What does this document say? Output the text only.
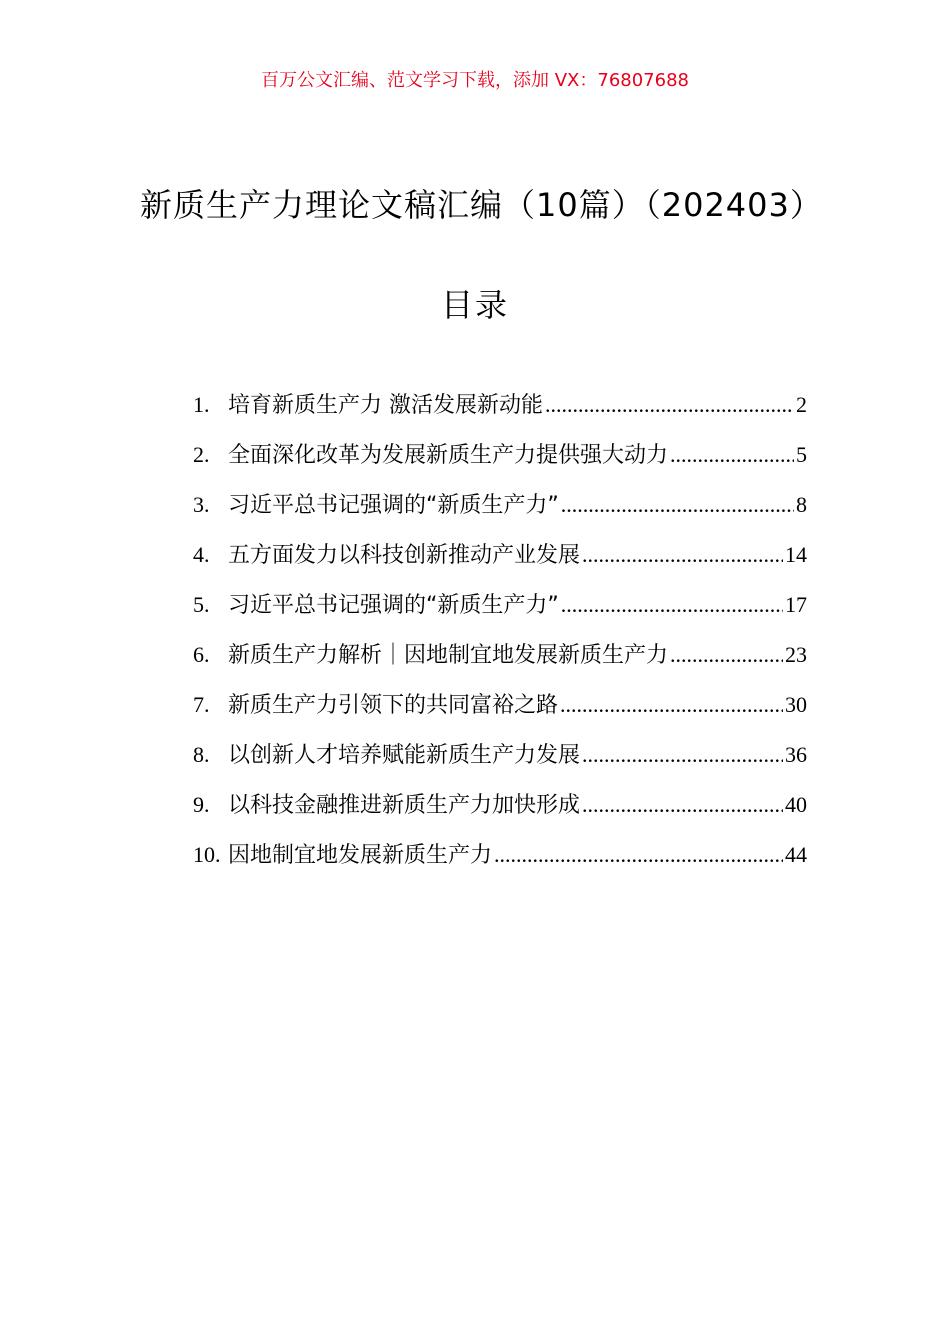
百万公文汇编、范文学习下载，添加 VX：76807688
新质生产力理论文稿汇编（10篇）（202403）
目录
1. 培育新质生产力 激活发展新动能 .....	2
2. 全面深化改革为发展新质生产力提供强大动力 .....	5
3. 习近平总书记强调的“新质生产力” .....	8
4. 五方面发力以科技创新推动产业发展 .....	14
5. 习近平总书记强调的“新质生产力” .....	17
6. 新质生产力解析｜因地制宜地发展新质生产力 .....	23
7. 新质生产力引领下的共同富裕之路 .....	30
8. 以创新人才培养赋能新质生产力发展 .....	36
9. 以科技金融推进新质生产力加快形成 .....	40
10. 因地制宜地发展新质生产力 .....	44
